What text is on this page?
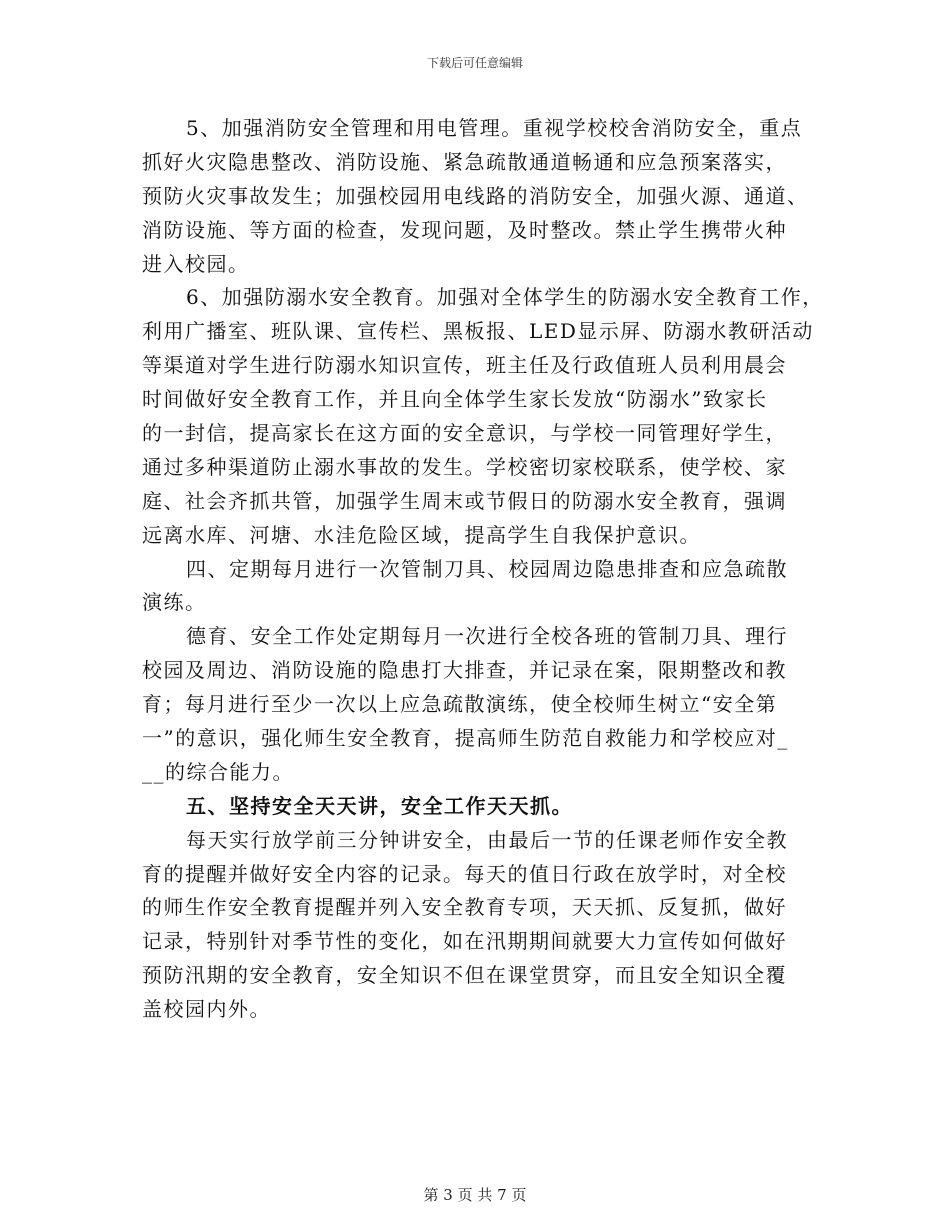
下载后可任意编辑
5、加强消防安全管理和用电管理。重视学校校舍消防安全，重点
抓好火灾隐患整改、消防设施、紧急疏散通道畅通和应急预案落实，
预防火灾事故发生；加强校园用电线路的消防安全，加强火源、通道、
消防设施、等方面的检查，发现问题，及时整改。禁止学生携带火种
进入校园。
6、加强防溺水安全教育。加强对全体学生的防溺水安全教育工作，
利用广播室、班队课、宣传栏、黑板报、LED显示屏、防溺水教研活动
等渠道对学生进行防溺水知识宣传，班主任及行政值班人员利用晨会
时间做好安全教育工作，并且向全体学生家长发放“防溺水”致家长
的一封信，提高家长在这方面的安全意识，与学校一同管理好学生，
通过多种渠道防止溺水事故的发生。学校密切家校联系，使学校、家
庭、社会齐抓共管，加强学生周末或节假日的防溺水安全教育，强调
远离水库、河塘、水洼危险区域，提高学生自我保护意识。
四、定期每月进行一次管制刀具、校园周边隐患排查和应急疏散
演练。
德育、安全工作处定期每月一次进行全校各班的管制刀具、理行
校园及周边、消防设施的隐患打大排查，并记录在案，限期整改和教
育；每月进行至少一次以上应急疏散演练，使全校师生树立“安全第
一”的意识，强化师生安全教育，提高师生防范自救能力和学校应对_
__的综合能力。
五、坚持安全天天讲，安全工作天天抓。
每天实行放学前三分钟讲安全，由最后一节的任课老师作安全教
育的提醒并做好安全内容的记录。每天的值日行政在放学时，对全校
的师生作安全教育提醒并列入安全教育专项，天天抓、反复抓，做好
记录，特别针对季节性的变化，如在汛期期间就要大力宣传如何做好
预防汛期的安全教育，安全知识不但在课堂贯穿，而且安全知识全覆
盖校园内外。
第 3 页 共 7 页
